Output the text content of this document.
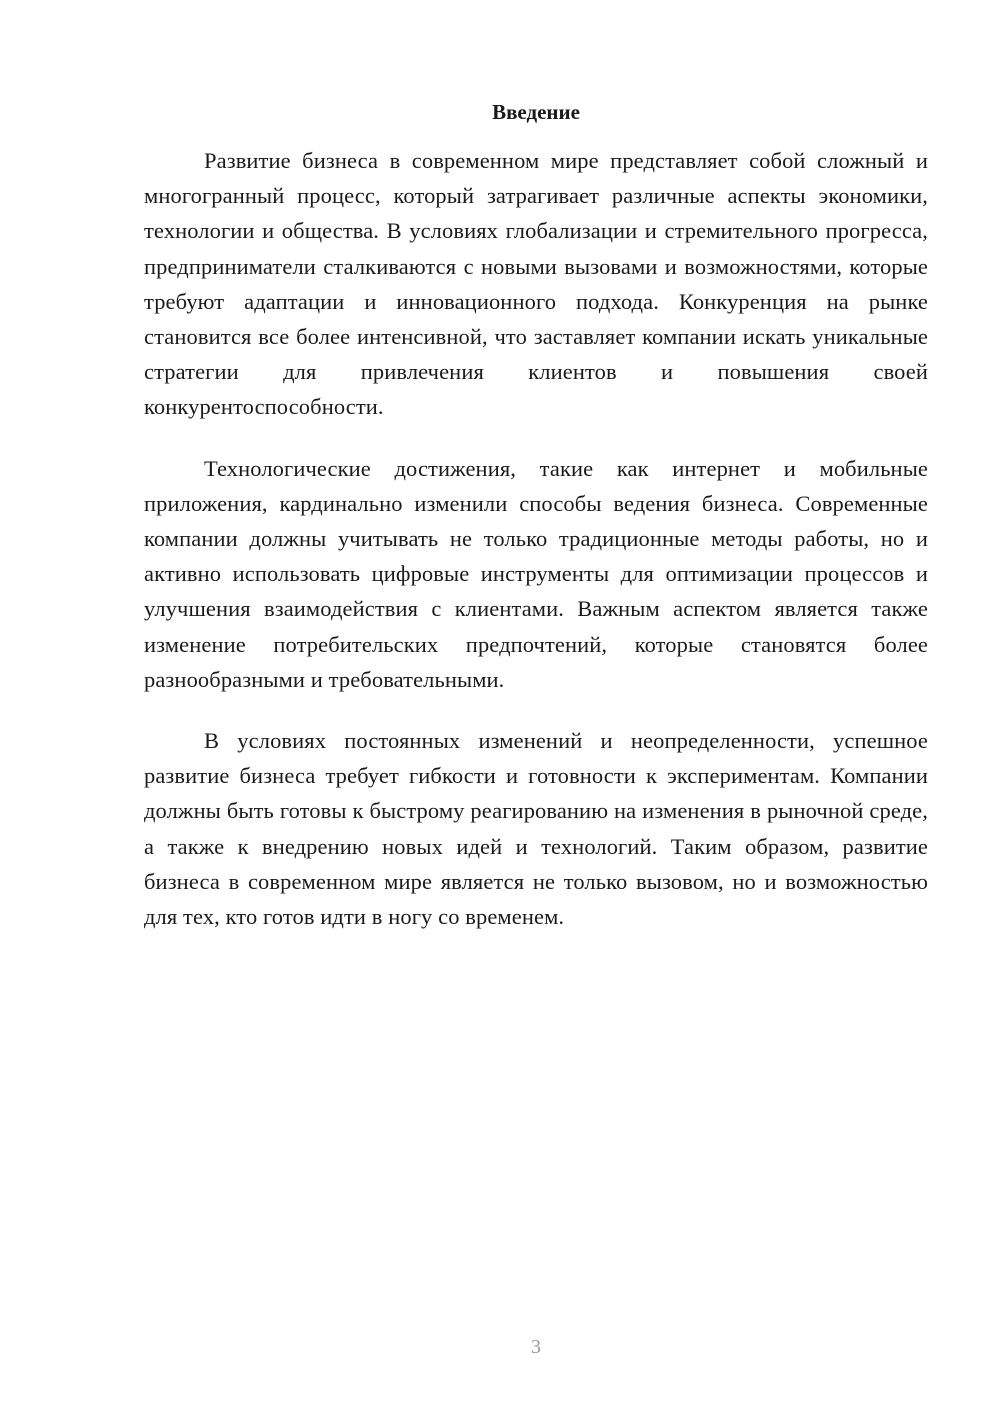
Введение

Развитие бизнеса в современном мире представляет собой сложный и многогранный процесс, который затрагивает различные аспекты экономики, технологии и общества. В условиях глобализации и стремительного прогресса, предприниматели сталкиваются с новыми вызовами и возможностями, которые требуют адаптации и инновационного подхода. Конкуренция на рынке становится все более интенсивной, что заставляет компании искать уникальные стратегии для привлечения клиентов и повышения своей конкурентоспособности.

Технологические достижения, такие как интернет и мобильные приложения, кардинально изменили способы ведения бизнеса. Современные компании должны учитывать не только традиционные методы работы, но и активно использовать цифровые инструменты для оптимизации процессов и улучшения взаимодействия с клиентами. Важным аспектом является также изменение потребительских предпочтений, которые становятся более разнообразными и требовательными.

В условиях постоянных изменений и неопределенности, успешное развитие бизнеса требует гибкости и готовности к экспериментам. Компании должны быть готовы к быстрому реагированию на изменения в рыночной среде, а также к внедрению новых идей и технологий. Таким образом, развитие бизнеса в современном мире является не только вызовом, но и возможностью для тех, кто готов идти в ногу со временем.

3
